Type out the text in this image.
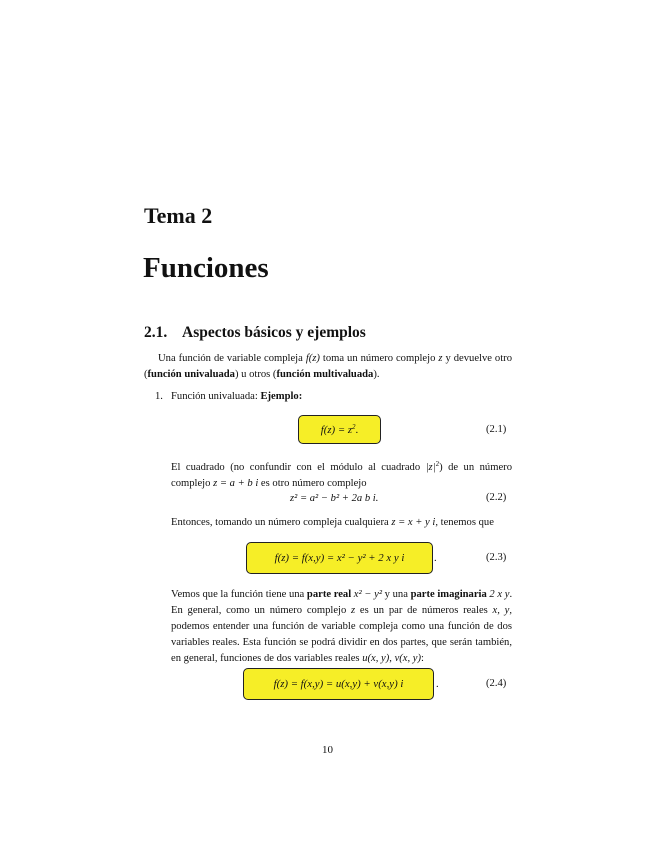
Tema 2
Funciones
2.1. Aspectos básicos y ejemplos
Una función de variable compleja f(z) toma un número complejo z y devuelve otro (función univaluada) u otros (función multivaluada).
1. Función univaluada: Ejemplo:
$f(z) = z^2$.	(2.1)
El cuadrado (no confundir con el módulo al cuadrado $|z|^2$) de un número complejo z = a + b i es otro número complejo
z² = a² − b² + 2a b i.	(2.2)
Entonces, tomando un número compleja cualquiera z = x + y i, tenemos que
f(z) = f(x,y) = x² − y² + 2 x y i	.	(2.3)
Vemos que la función tiene una parte real x² − y² y una parte imaginaria 2 x y.
En general, como un número complejo z es un par de números reales x, y, podemos entender una función de variable compleja como una función de dos variables reales. Esta función se podrá dividir en dos partes, que serán también, en general, funciones de dos variables reales u(x, y), v(x, y):
f(z) = f(x,y) = u(x,y) + v(x,y) i	.	(2.4)
10
